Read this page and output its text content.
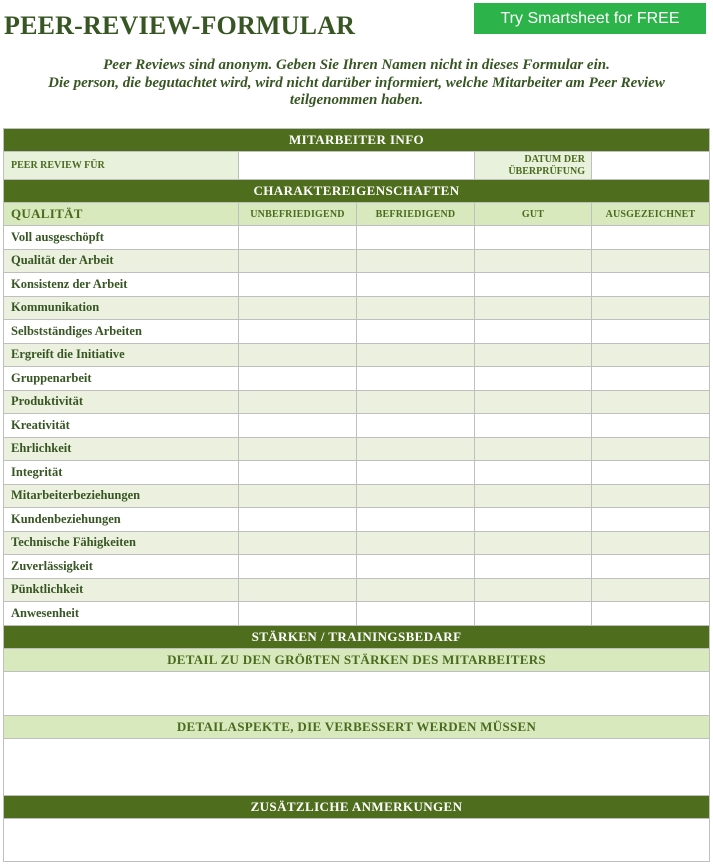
PEER-REVIEW-FORMULAR	Try Smartsheet for FREE
Peer Reviews sind anonym. Geben Sie Ihren Namen nicht in dieses Formular ein.
Die person, die begutachtet wird, wird nicht darüber informiert, welche Mitarbeiter am Peer Review
teilgenommen haben.
MITARBEITER INFO				
PEER REVIEW FÜR			DATUM DER
ÜBERPRÜFUNG	

CHARAKTEREIGENSCHAFTEN				
QUALITÄT	UNBEFRIEDIGEND	BEFRIEDIGEND	GUT	AUSGEZEICHNET
Voll ausgeschöpft				
Qualität der Arbeit				
Konsistenz der Arbeit				
Kommunikation				
Selbstständiges Arbeiten				
Ergreift die Initiative				
Gruppenarbeit				
Produktivität				
Kreativität				
Ehrlichkeit				
Integrität				
Mitarbeiterbeziehungen				
Kundenbeziehungen				
Technische Fähigkeiten				
Zuverlässigkeit				
Pünktlichkeit				
Anwesenheit				
STÄRKEN / TRAININGSBEDARF				
DETAIL ZU DEN GRÖßTEN STÄRKEN DES MITARBEITERS				

DETAILASPEKTE, DIE VERBESSERT WERDEN MÜSSEN				

ZUSÄTZLICHE ANMERKUNGEN				
